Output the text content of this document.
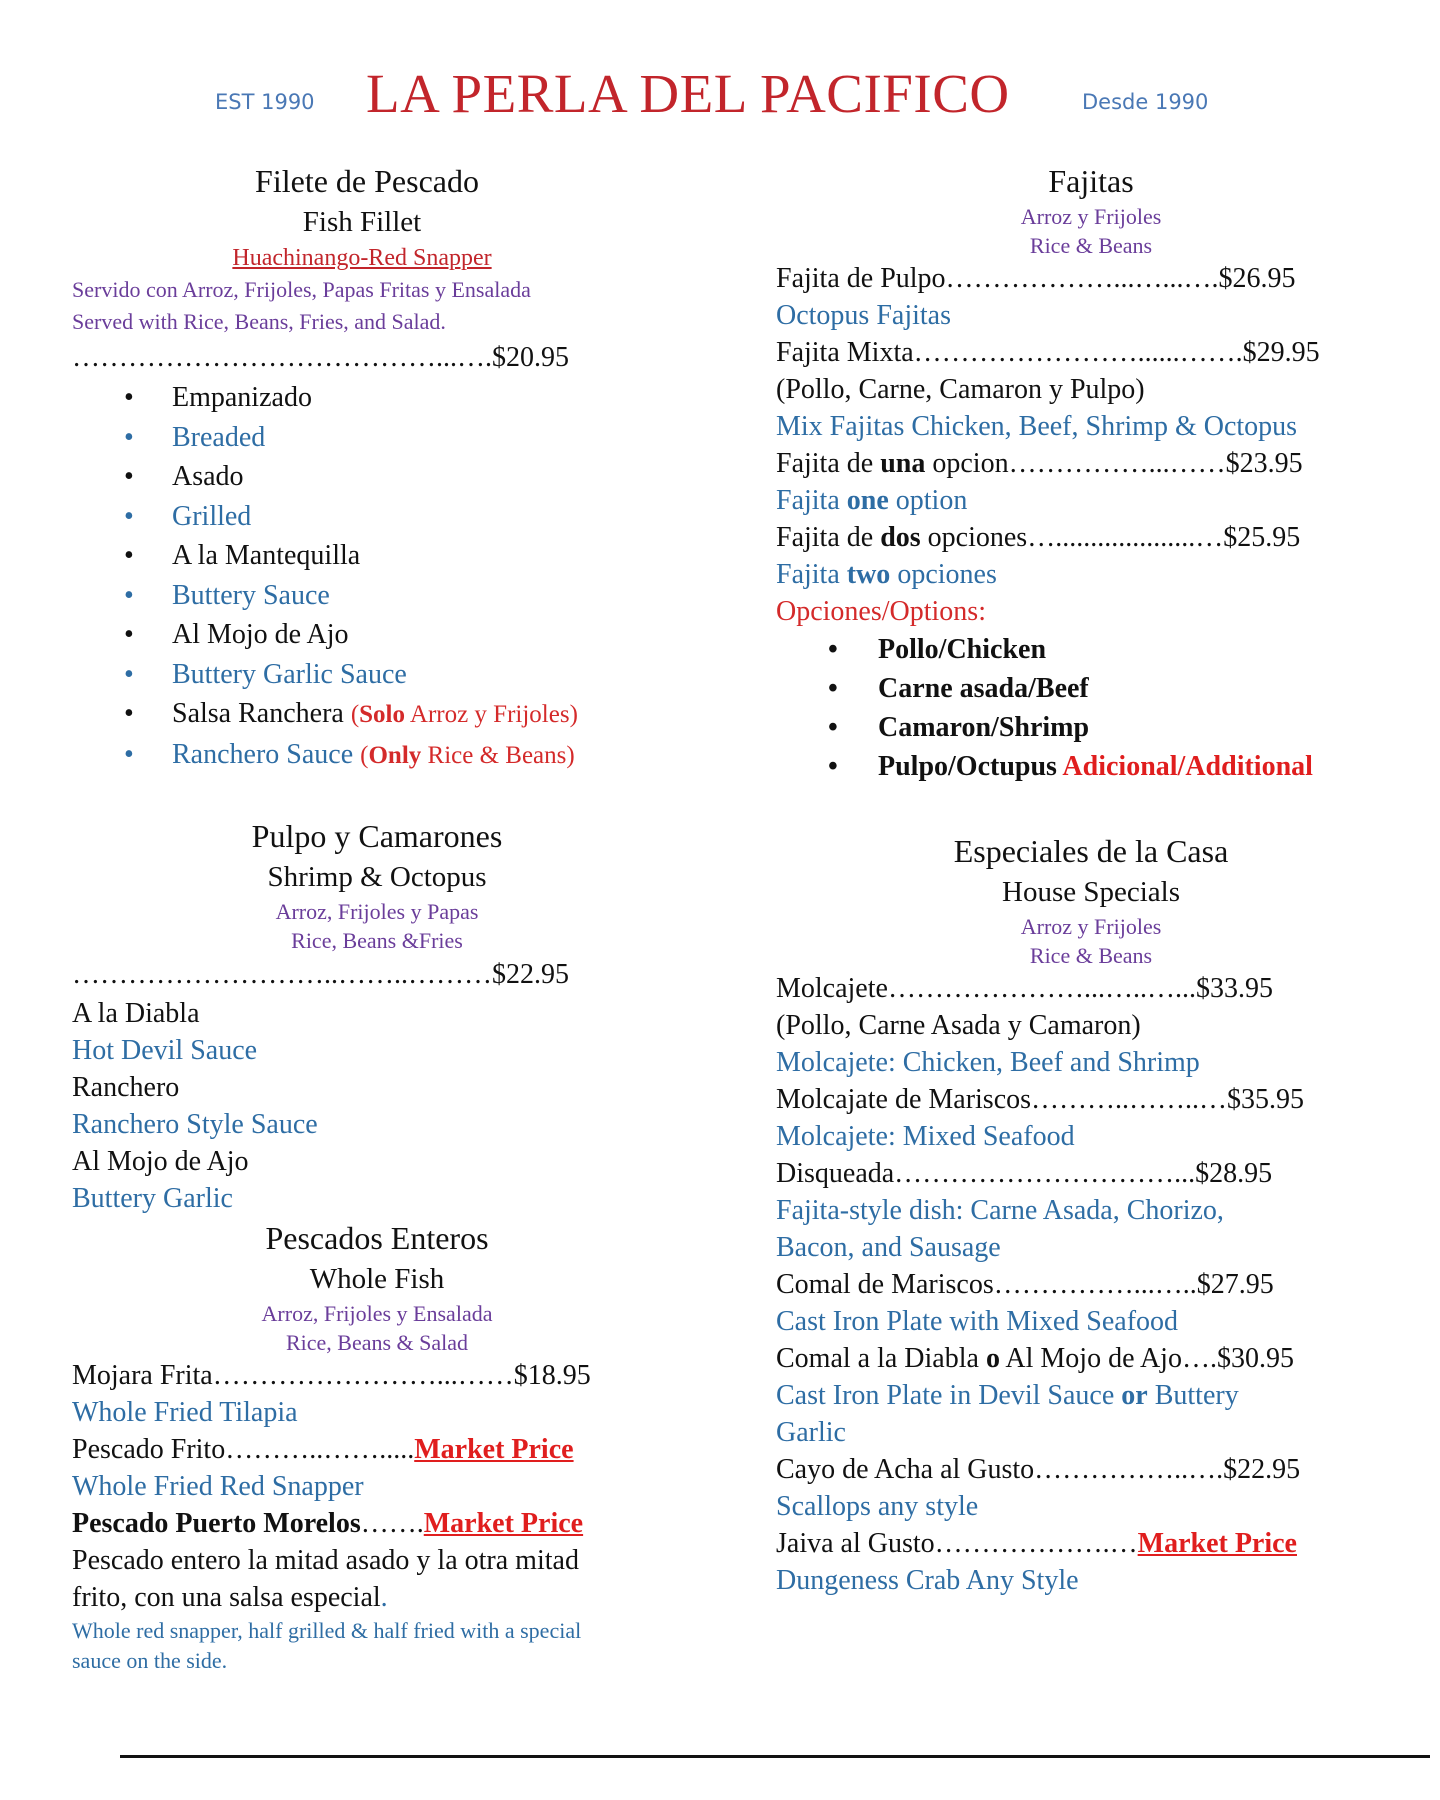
EST 1990 LA PERLA DEL PACIFICO	Desde 1990
Filete de Pescado
Fish Fillet
Huachinango-Red Snapper
Servido con Arroz, Frijoles, Papas Fritas y Ensalada
Served with Rice, Beans, Fries, and Salad.
…………………………………...….$20.95
• Empanizado
• Breaded
• Asado
• Grilled
• A la Mantequilla
• Buttery Sauce
• Al Mojo de Ajo
• Buttery Garlic Sauce
• Salsa Ranchera (Solo Arroz y Frijoles)
• Ranchero Sauce (Only Rice & Beans)
Pulpo y Camarones
Shrimp & Octopus
Arroz, Frijoles y Papas
Rice, Beans &Fries
………………………..……..………$22.95
A la Diabla
Hot Devil Sauce
Ranchero
Ranchero Style Sauce
Al Mojo de Ajo
Buttery Garlic
Pescados Enteros
Whole Fish
Arroz, Frijoles y Ensalada
Rice, Beans & Salad
Mojara Frita……………………...……$18.95
Whole Fried Tilapia
Pescado Frito………..…….....Market Price
Whole Fried Red Snapper
Pescado Puerto Morelos…….Market Price
Pescado entero la mitad asado y la otra mitad
frito, con una salsa especial.
Whole red snapper, half grilled & half fried with a special
sauce on the side.
Fajitas
Arroz y Frijoles
Rice & Beans
Fajita de Pulpo………………...…...….$26.95
Octopus Fajitas
Fajita Mixta……………………......…….$29.95
(Pollo, Carne, Camaron y Pulpo)
Mix Fajitas Chicken, Beef, Shrimp & Octopus
Fajita de una opcion……………...……$23.95
Fajita one option
Fajita de dos opciones…....................…$25.95
Fajita two opciones
Opciones/Options:
• Pollo/Chicken
• Carne asada/Beef
• Camaron/Shrimp
• Pulpo/Octupus Adicional/Additional
Especiales de la Casa
House Specials
Arroz y Frijoles
Rice & Beans
Molcajete…………………...…..…...$33.95
(Pollo, Carne Asada y Camaron)
Molcajete: Chicken, Beef and Shrimp
Molcajate de Mariscos………..……..…$35.95
Molcajete: Mixed Seafood
Disqueada…………………………...$28.95
Fajita-style dish: Carne Asada, Chorizo,
Bacon, and Sausage
Comal de Mariscos……………...…..$27.95
Cast Iron Plate with Mixed Seafood
Comal a la Diabla o Al Mojo de Ajo….$30.95
Cast Iron Plate in Devil Sauce or Buttery
Garlic
Cayo de Acha al Gusto……………..….$22.95
Scallops any style
Jaiva al Gusto……………….…Market Price
Dungeness Crab Any Style
